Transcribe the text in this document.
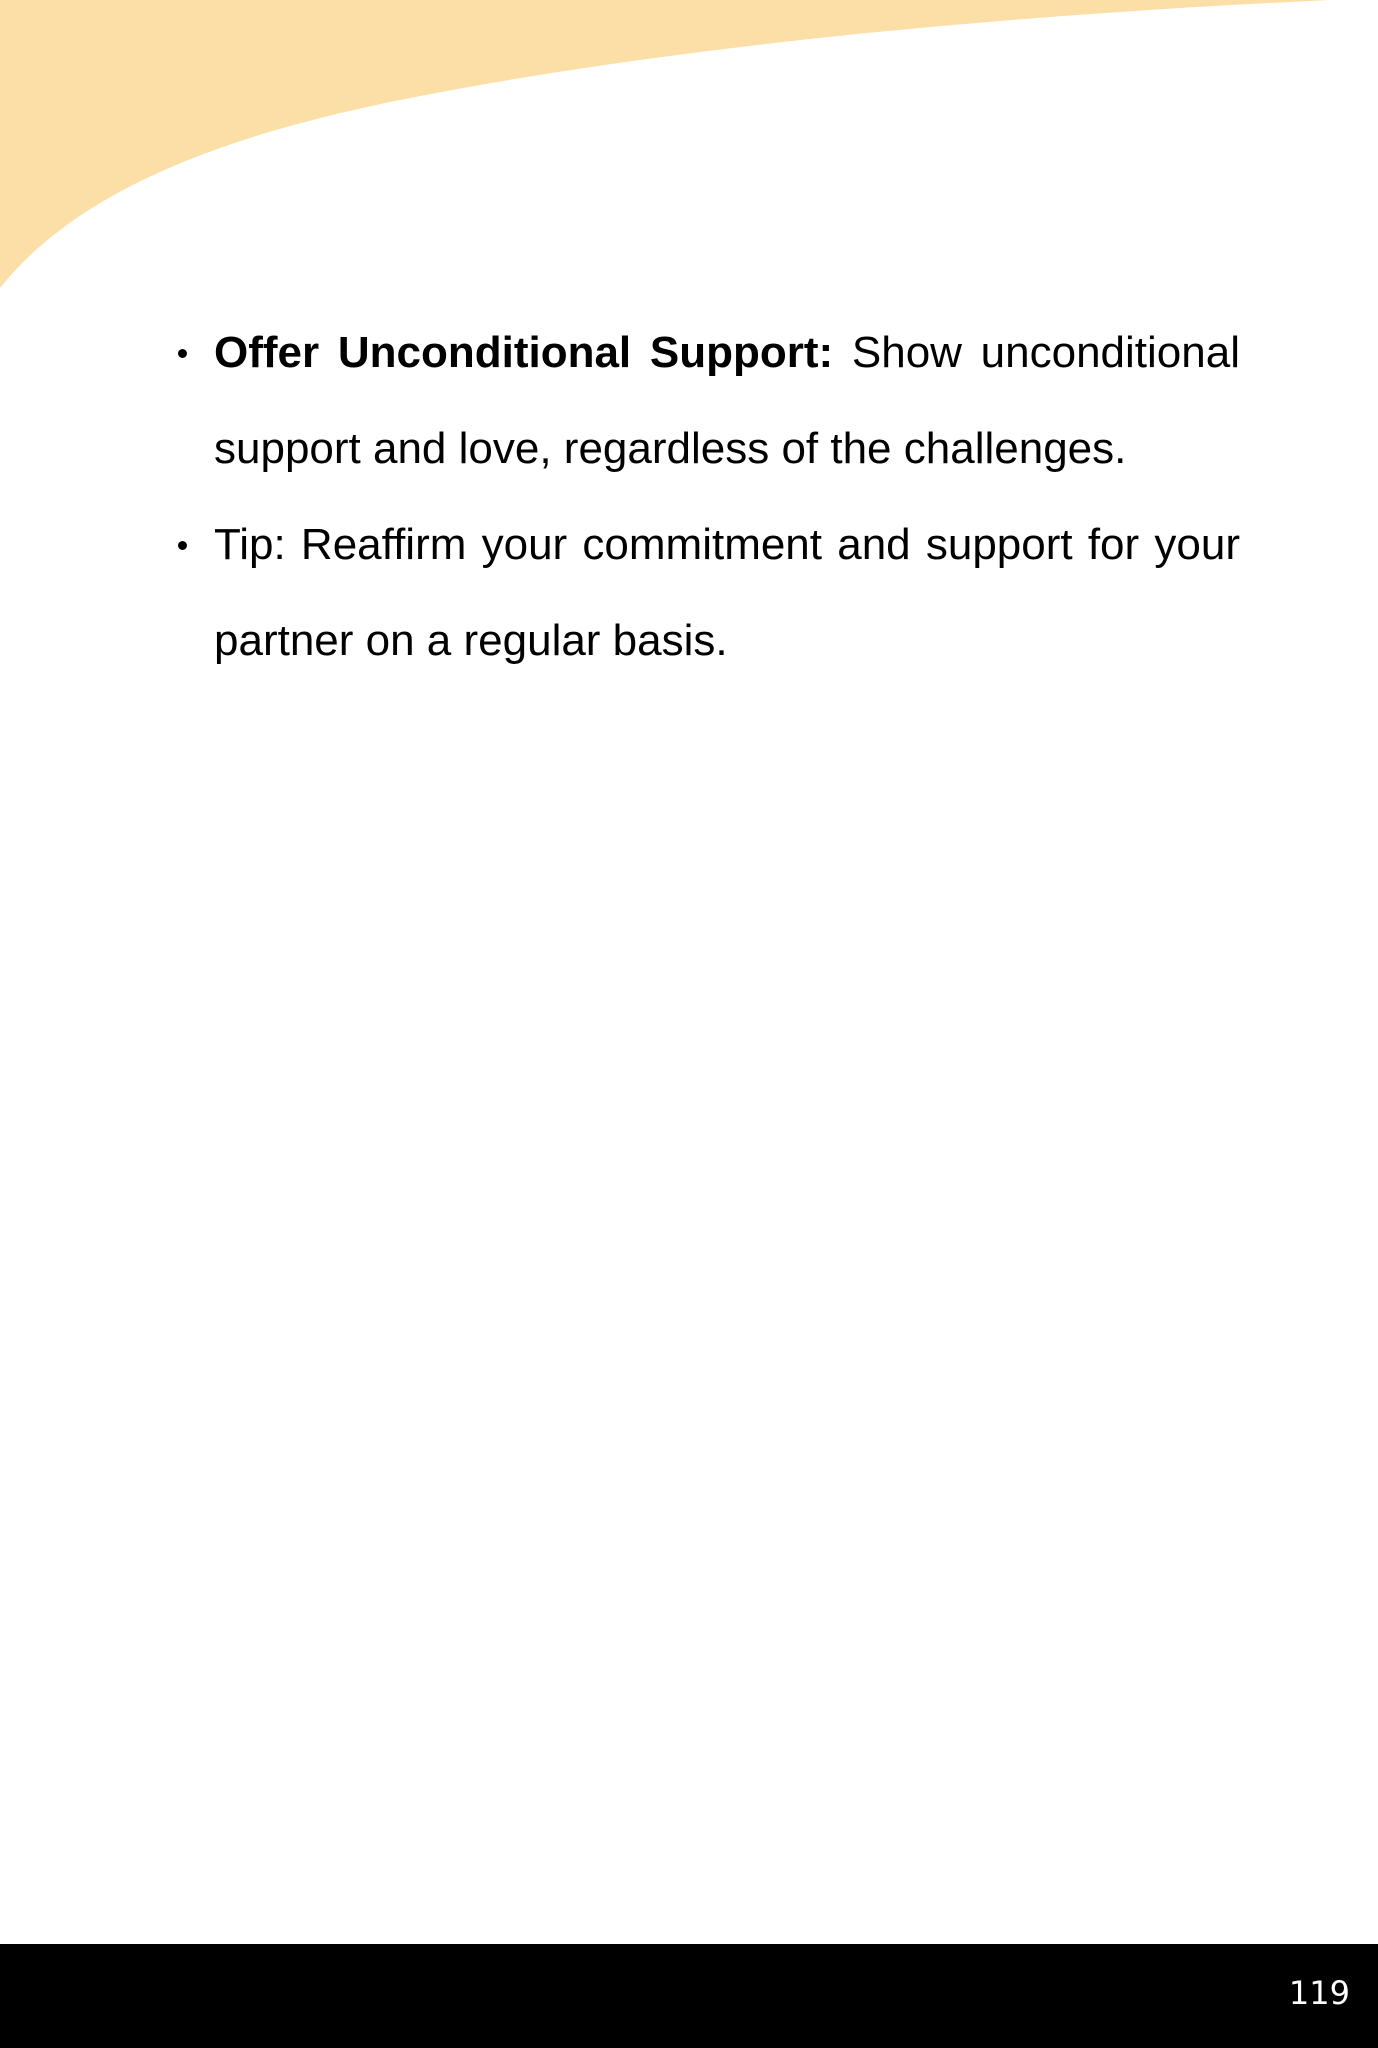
Offer Unconditional Support: Show unconditional support and love, regardless of the challenges.
Tip: Reaffirm your commitment and support for your partner on a regular basis.
119
